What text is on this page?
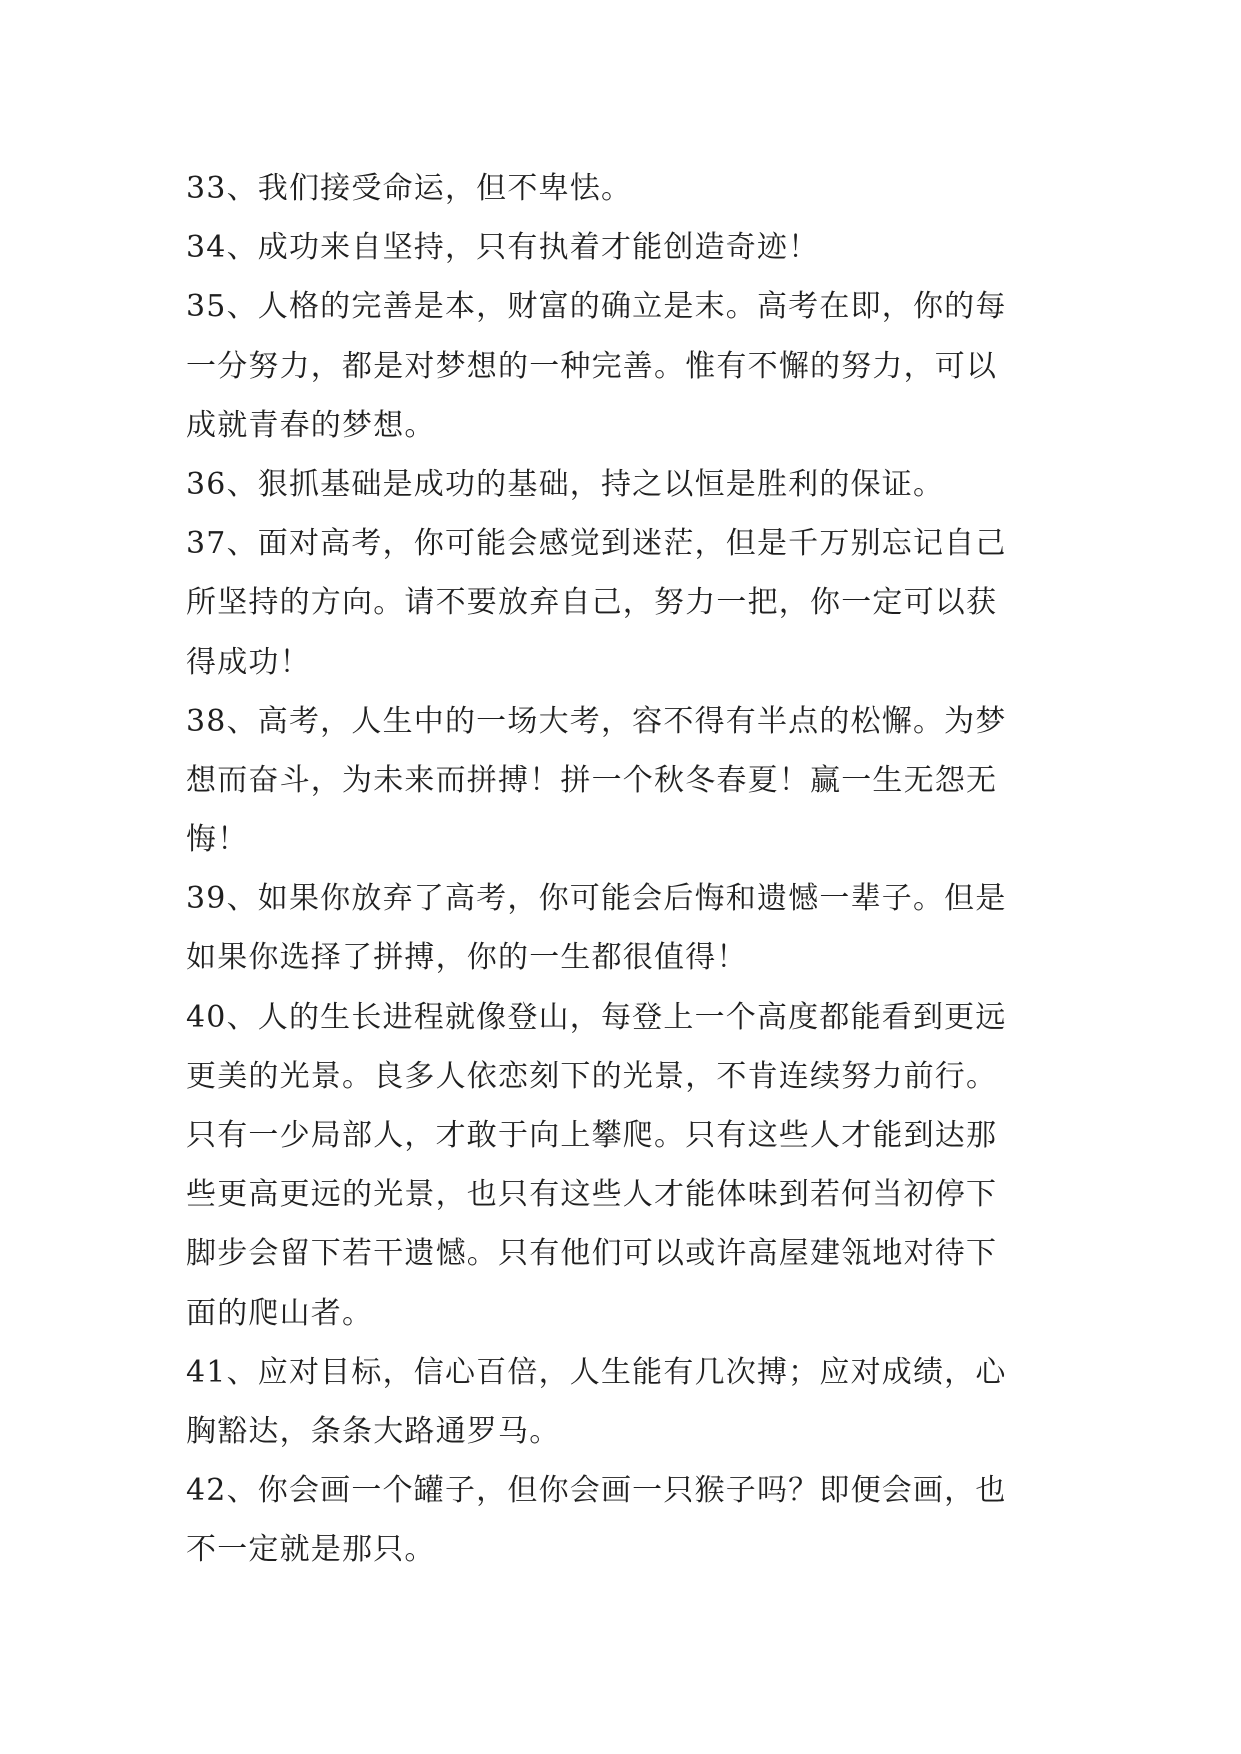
33、我们接受命运，但不卑怯。
34、成功来自坚持，只有执着才能创造奇迹！
35、人格的完善是本，财富的确立是末。高考在即，你的每
一分努力，都是对梦想的一种完善。惟有不懈的努力，可以
成就青春的梦想。
36、狠抓基础是成功的基础，持之以恒是胜利的保证。
37、面对高考，你可能会感觉到迷茫，但是千万别忘记自己
所坚持的方向。请不要放弃自己，努力一把，你一定可以获
得成功！
38、高考，人生中的一场大考，容不得有半点的松懈。为梦
想而奋斗，为未来而拼搏！拼一个秋冬春夏！赢一生无怨无
悔！
39、如果你放弃了高考，你可能会后悔和遗憾一辈子。但是
如果你选择了拼搏，你的一生都很值得！
40、人的生长进程就像登山，每登上一个高度都能看到更远
更美的光景。良多人依恋刻下的光景，不肯连续努力前行。
只有一少局部人，才敢于向上攀爬。只有这些人才能到达那
些更高更远的光景，也只有这些人才能体味到若何当初停下
脚步会留下若干遗憾。只有他们可以或许高屋建瓴地对待下
面的爬山者。
41、应对目标，信心百倍，人生能有几次搏；应对成绩，心
胸豁达，条条大路通罗马。
42、你会画一个罐子，但你会画一只猴子吗？即便会画，也
不一定就是那只。
